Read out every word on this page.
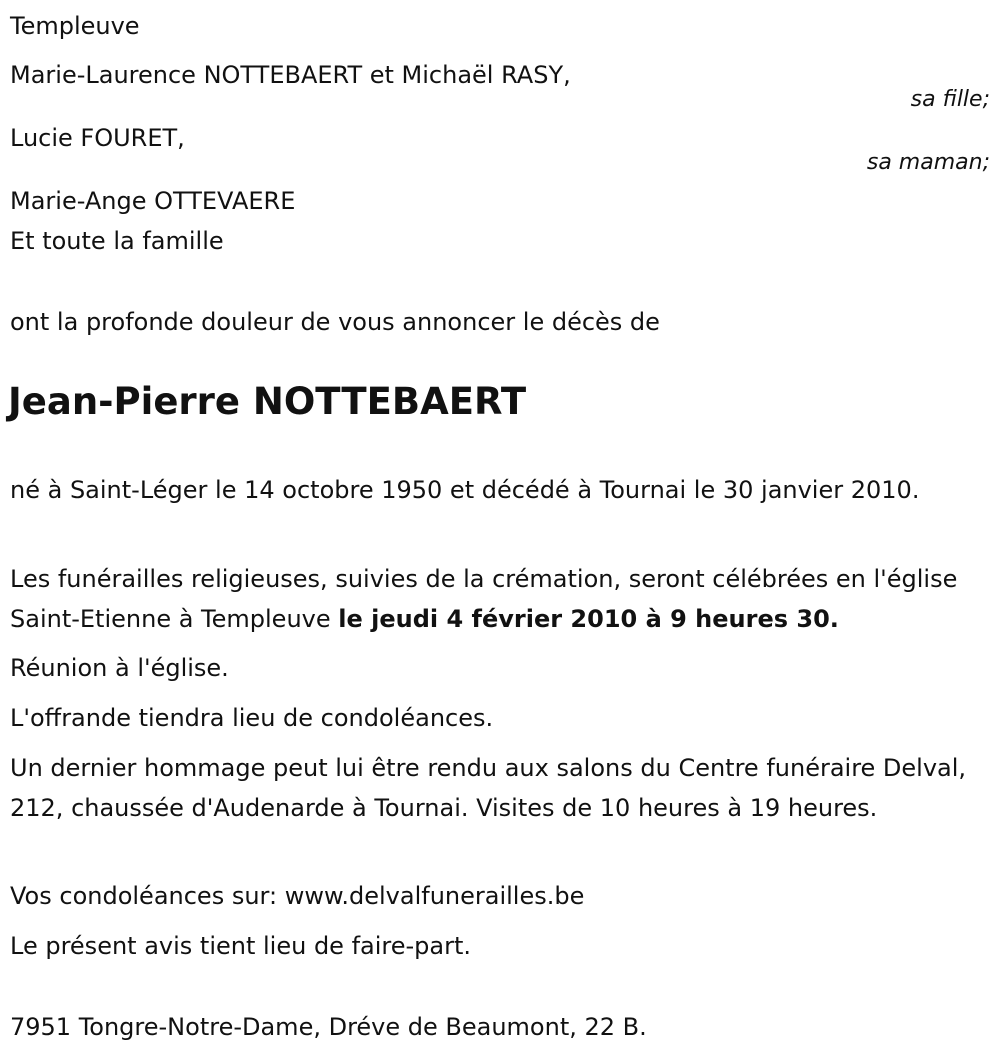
Templeuve
Marie-Laurence NOTTEBAERT et Michaël RASY,
Lucie FOURET,
Marie-Ange OTTEVAERE
Et toute la famille
ont la profonde douleur de vous annoncer le décès de
sa fille;
sa maman;
Jean-Pierre NOTTEBAERT
né à Saint-Léger le 14 octobre 1950 et décédé à Tournai le 30 janvier 2010.
Les funérailles religieuses, suivies de la crémation, seront célébrées en l'église Saint-Etienne à Templeuve le jeudi 4 février 2010 à 9 heures 30.
Réunion à l'église.
L'offrande tiendra lieu de condoléances.
Un dernier hommage peut lui être rendu aux salons du Centre funéraire Delval, 212, chaussée d'Audenarde à Tournai. Visites de 10 heures à 19 heures.
Vos condoléances sur: www.delvalfunerailles.be
Le présent avis tient lieu de faire-part.
7951 Tongre-Notre-Dame, Dréve de Beaumont, 22 B.
